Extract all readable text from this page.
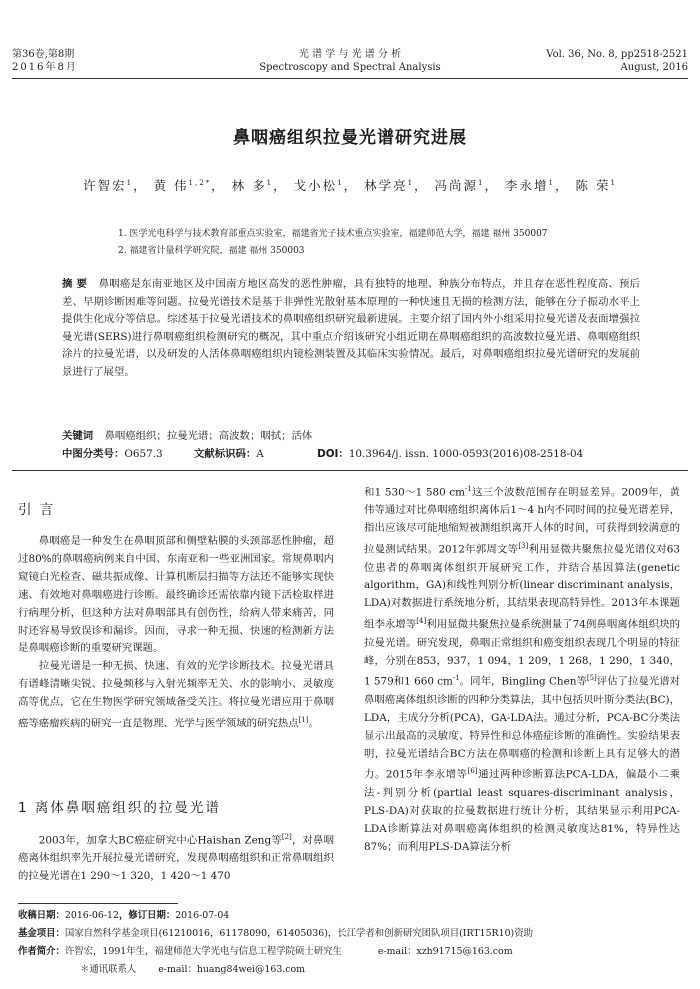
第36卷,第8期
2016年8月
光 谱 学 与 光 谱 分 析
Spectroscopy and Spectral Analysis
Vol. 36, No. 8, pp2518-2521
August, 2016
鼻咽癌组织拉曼光谱研究进展
许智宏$^1$， 黄 伟$^{1,2*}$， 林 多$^1$， 戈小松$^1$， 林学亮$^1$， 冯尚源$^1$， 李永增$^1$， 陈 荣$^1$
1. 医学光电科学与技术教育部重点实验室，福建省光子技术重点实验室，福建师范大学，福建 福州 350007
2. 福建省计量科学研究院，福建 福州 350003
摘 要 鼻咽癌是东南亚地区及中国南方地区高发的恶性肿瘤，具有独特的地理、种族分布特点，并且存在恶性程度高、预后差、早期诊断困难等问题。拉曼光谱技术是基于非弹性光散射基本原理的一种快速且无损的检测方法，能够在分子振动水平上提供生化成分等信息。综述基于拉曼光谱技术的鼻咽癌组织研究最新进展。主要介绍了国内外小组采用拉曼光谱及表面增强拉曼光谱(SERS)进行鼻咽癌组织检测研究的概况，其中重点介绍该研究小组近期在鼻咽癌组织的高波数拉曼光谱、鼻咽癌组织涂片的拉曼光谱，以及研发的人活体鼻咽癌组织内镜检测装置及其临床实验情况。最后，对鼻咽癌组织拉曼光谱研究的发展前景进行了展望。
关键词 鼻咽癌组织；拉曼光谱；高波数；咽拭；活体
中图分类号：O657.3	文献标识码：A	DOI：10.3964/j. issn. 1000-0593(2016)08-2518-04
引 言

鼻咽癌是一种发生在鼻咽顶部和侧壁粘膜的头颈部恶性肿瘤，超过80%的鼻咽癌病例来自中国、东南亚和一些亚洲国家。常规鼻咽内窥镜白光检查、磁共振成像、计算机断层扫描等方法还不能够实现快速、有效地对鼻咽癌进行诊断。最终确诊还需依靠内镜下活检取样进行病理分析，但这种方法对鼻咽部具有创伤性，给病人带来痛苦，同时还容易导致误诊和漏诊。因而，寻求一种无损、快速的检测新方法是鼻咽癌诊断的重要研究课题。

拉曼光谱是一种无损、快速、有效的光学诊断技术。拉曼光谱具有谱峰清晰尖锐、拉曼频移与入射光频率无关、水的影响小、灵敏度高等优点，它在生物医学研究领域备受关注。将拉曼光谱应用于鼻咽癌等癌瘤疾病的研究一直是物理、光学与医学领域的研究热点[1]。

1 离体鼻咽癌组织的拉曼光谱

2003年，加拿大BC癌症研究中心Haishan Zeng等[2]，对鼻咽癌离体组织率先开展拉曼光谱研究，发现鼻咽癌组织和正常鼻咽组织的拉曼光谱在1 290～1 320，1 420～1 470

和1 530～1 580 $cm^{-1}$这三个波数范围存在明显差异。2009年，黄伟等通过对比鼻咽癌组织离体后1～4 h内不同时间的拉曼光谱差异，指出应该尽可能地缩短被测组织离开人体的时间，可获得到较满意的拉曼测试结果。2012年郭周文等[3]利用显微共聚焦拉曼光谱仪对63位患者的鼻咽离体组织开展研究工作，并结合基因算法(genetic algorithm，GA)和线性判别分析(linear discriminant analysis，LDA)对数据进行系统地分析，其结果表现高特异性。2013年本课题组李永增等[4]利用显微共聚焦拉曼系统测量了74例鼻咽离体组织块的拉曼光谱。研究发现，鼻咽正常组织和癌变组织表现几个明显的特征峰，分别在853，937，1 094，1 209，1 268，1 290，1 340，1 579和1 660 $cm^{-1}$。同年，Bingling Chen等[5]评估了拉曼光谱对鼻咽癌离体组织诊断的四种分类算法，其中包括贝叶斯分类法(BC)，LDA，主成分分析(PCA)，GA-LDA法。通过分析，PCA-BC分类法显示出最高的灵敏度、特异性和总体癌症诊断的准确性。实验结果表明，拉曼光谱结合BC方法在鼻咽癌的检测和诊断上具有足够大的潜力。2015年李永增等[6]通过两种诊断算法PCA-LDA，偏最小二乘法-判别分析(partial least squares-discriminant analysis，PLS-DA)对获取的拉曼数据进行统计分析，其结果显示利用PCA-LDA诊断算法对鼻咽癌离体组织的检测灵敏度达81%，特异性达87%；而利用PLS-DA算法分析

收稿日期：2016-06-12，修订日期：2016-07-04
基金项目：国家自然科学基金项目(61210016，61178090，61405036)，长江学者和创新研究团队项目(IRT15R10)资助
作者简介：许智宏，1991年生，福建师范大学光电与信息工程学院硕士研究生	e-mail：xzh91715@163.com
＊通讯联系人 e-mail：huang84wei@163.com
